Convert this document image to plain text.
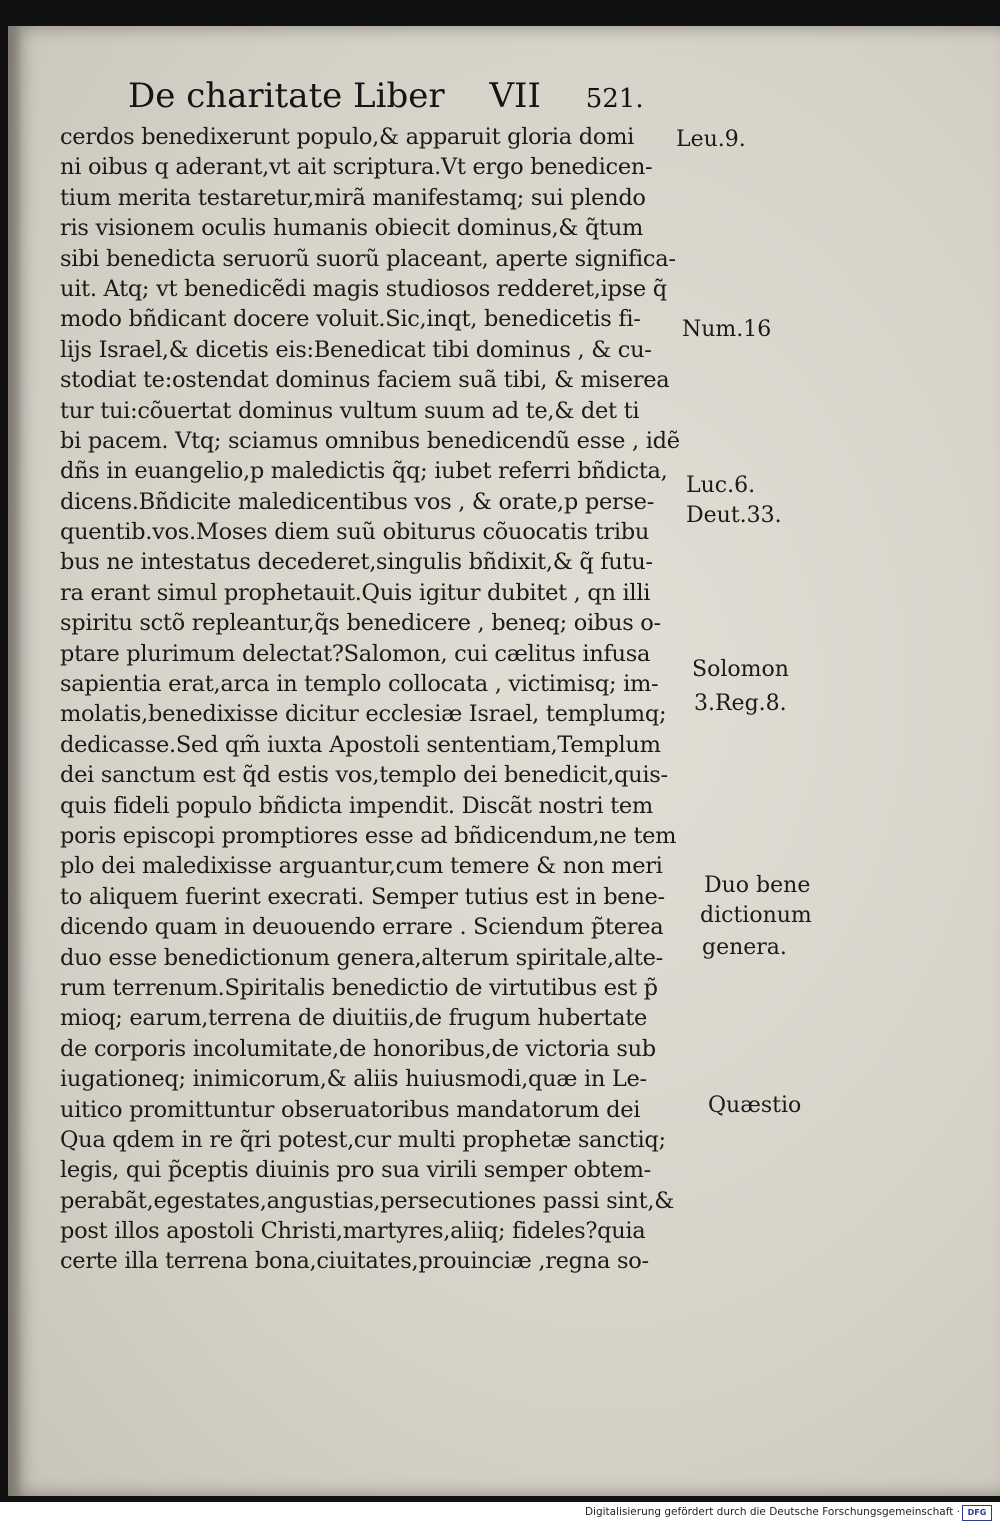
De charitate Liber VII 521.
cerdos benedixerunt populo,& apparuit gloria domi
ni oibus q aderant,vt ait scriptura.Vt ergo benedicen-
tium merita testaretur,mirã manifestamq; sui plendo
ris visionem oculis humanis obiecit dominus,& q̃tum
sibi benedicta seruorũ suorũ placeant, aperte significa-
uit. Atq; vt benedicẽdi magis studiosos redderet,ipse q̃
modo bñdicant docere voluit.Sic,inqt, benedicetis fi-
lijs Israel,& dicetis eis:Benedicat tibi dominus , & cu-
stodiat te:ostendat dominus faciem suã tibi, & miserea
tur tui:cõuertat dominus vultum suum ad te,& det ti
bi pacem. Vtq; sciamus omnibus benedicendũ esse , idẽ
dñs in euangelio,p maledictis q̃q; iubet referri bñdicta,
dicens.Bñdicite maledicentibus vos , & orate,p perse-
quentib.vos.Moses diem suũ obiturus cõuocatis tribu
bus ne intestatus decederet,singulis bñdixit,& q̃ futu-
ra erant simul prophetauit.Quis igitur dubitet , qn illi
spiritu sctõ repleantur,q̃s benedicere , beneq; oibus o-
ptare plurimum delectat?Salomon, cui cælitus infusa
sapientia erat,arca in templo collocata , victimisq; im-
molatis,benedixisse dicitur ecclesiæ Israel, templumq;
dedicasse.Sed qm̃ iuxta Apostoli sententiam,Templum
dei sanctum est q̃d estis vos,templo dei benedicit,quis-
quis fideli populo bñdicta impendit. Discãt nostri tem
poris episcopi promptiores esse ad bñdicendum,ne tem
plo dei maledixisse arguantur,cum temere & non meri
to aliquem fuerint execrati. Semper tutius est in bene-
dicendo quam in deuouendo errare . Sciendum p̃terea
duo esse benedictionum genera,alterum spiritale,alte-
rum terrenum.Spiritalis benedictio de virtutibus est p̃
mioq; earum,terrena de diuitiis,de frugum hubertate
de corporis incolumitate,de honoribus,de victoria sub
iugationeq; inimicorum,& aliis huiusmodi,quæ in Le-
uitico promittuntur obseruatoribus mandatorum dei
Qua qdem in re q̃ri potest,cur multi prophetæ sanctiq;
legis, qui p̃ceptis diuinis pro sua virili semper obtem-
perabãt,egestates,angustias,persecutiones passi sint,&
post illos apostoli Christi,martyres,aliiq; fideles?quia
certe illa terrena bona,ciuitates,prouinciæ ,regna so-
Leu.9.
Num.16
Luc.6.
Deut.33.
Solomon
3.Reg.8.
Duo bene
dictionum
genera.
Quæstio
Digitalisierung gefördert durch die Deutsche Forschungsgemeinschaft · DFG
